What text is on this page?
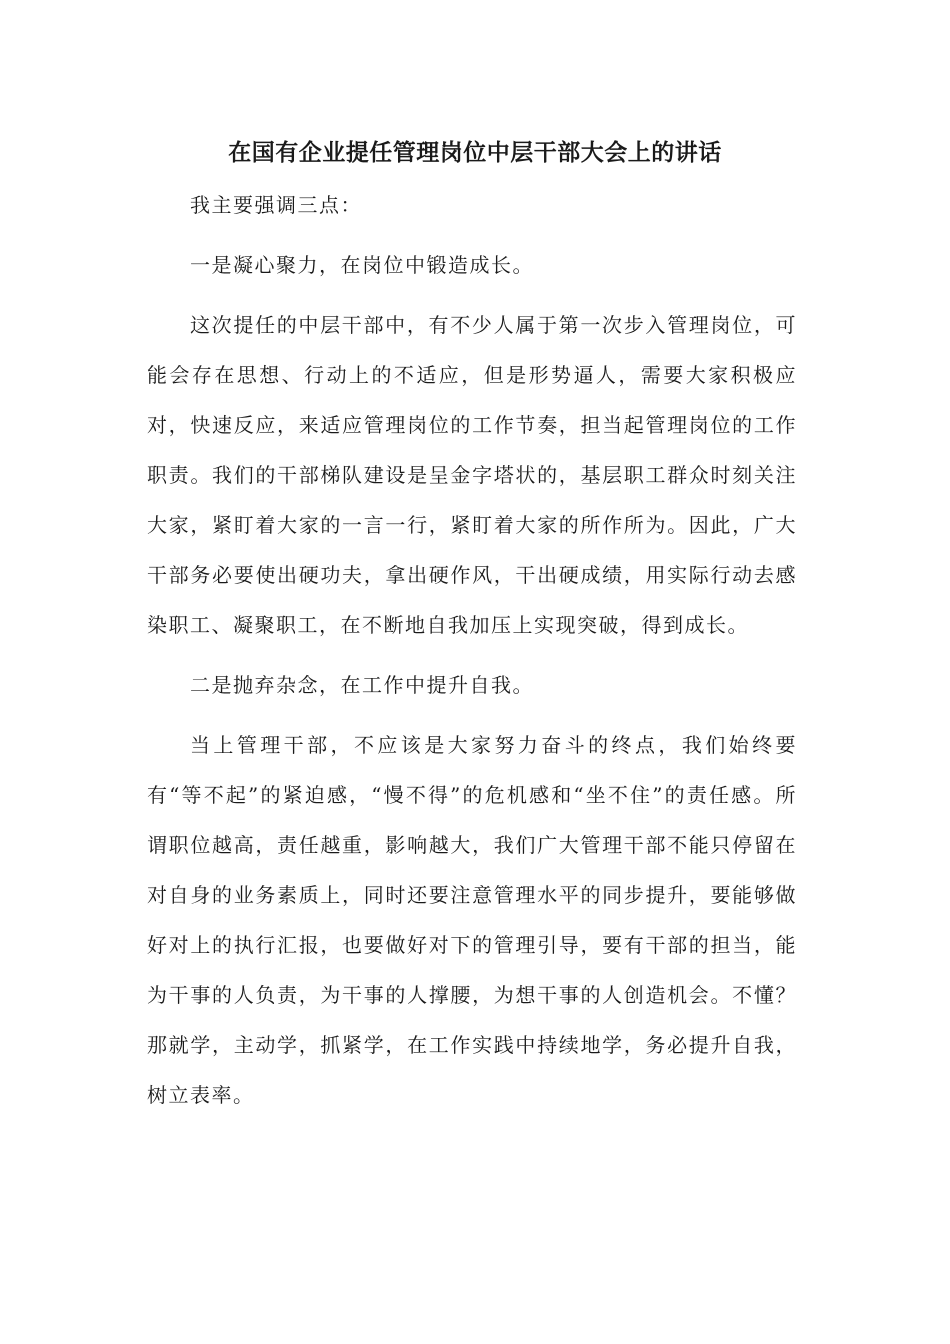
在国有企业提任管理岗位中层干部大会上的讲话

我主要强调三点：

一是凝心聚力，在岗位中锻造成长。

这次提任的中层干部中，有不少人属于第一次步入管理岗位，可能会存在思想、行动上的不适应，但是形势逼人，需要大家积极应对，快速反应，来适应管理岗位的工作节奏，担当起管理岗位的工作职责。我们的干部梯队建设是呈金字塔状的，基层职工群众时刻关注大家，紧盯着大家的一言一行，紧盯着大家的所作所为。因此，广大干部务必要使出硬功夫，拿出硬作风，干出硬成绩，用实际行动去感染职工、凝聚职工，在不断地自我加压上实现突破，得到成长。

二是抛弃杂念，在工作中提升自我。

当上管理干部，不应该是大家努力奋斗的终点，我们始终要有“等不起”的紧迫感，“慢不得”的危机感和“坐不住”的责任感。所谓职位越高，责任越重，影响越大，我们广大管理干部不能只停留在对自身的业务素质上，同时还要注意管理水平的同步提升，要能够做好对上的执行汇报，也要做好对下的管理引导，要有干部的担当，能为干事的人负责，为干事的人撑腰，为想干事的人创造机会。不懂？那就学，主动学，抓紧学，在工作实践中持续地学，务必提升自我，树立表率。
